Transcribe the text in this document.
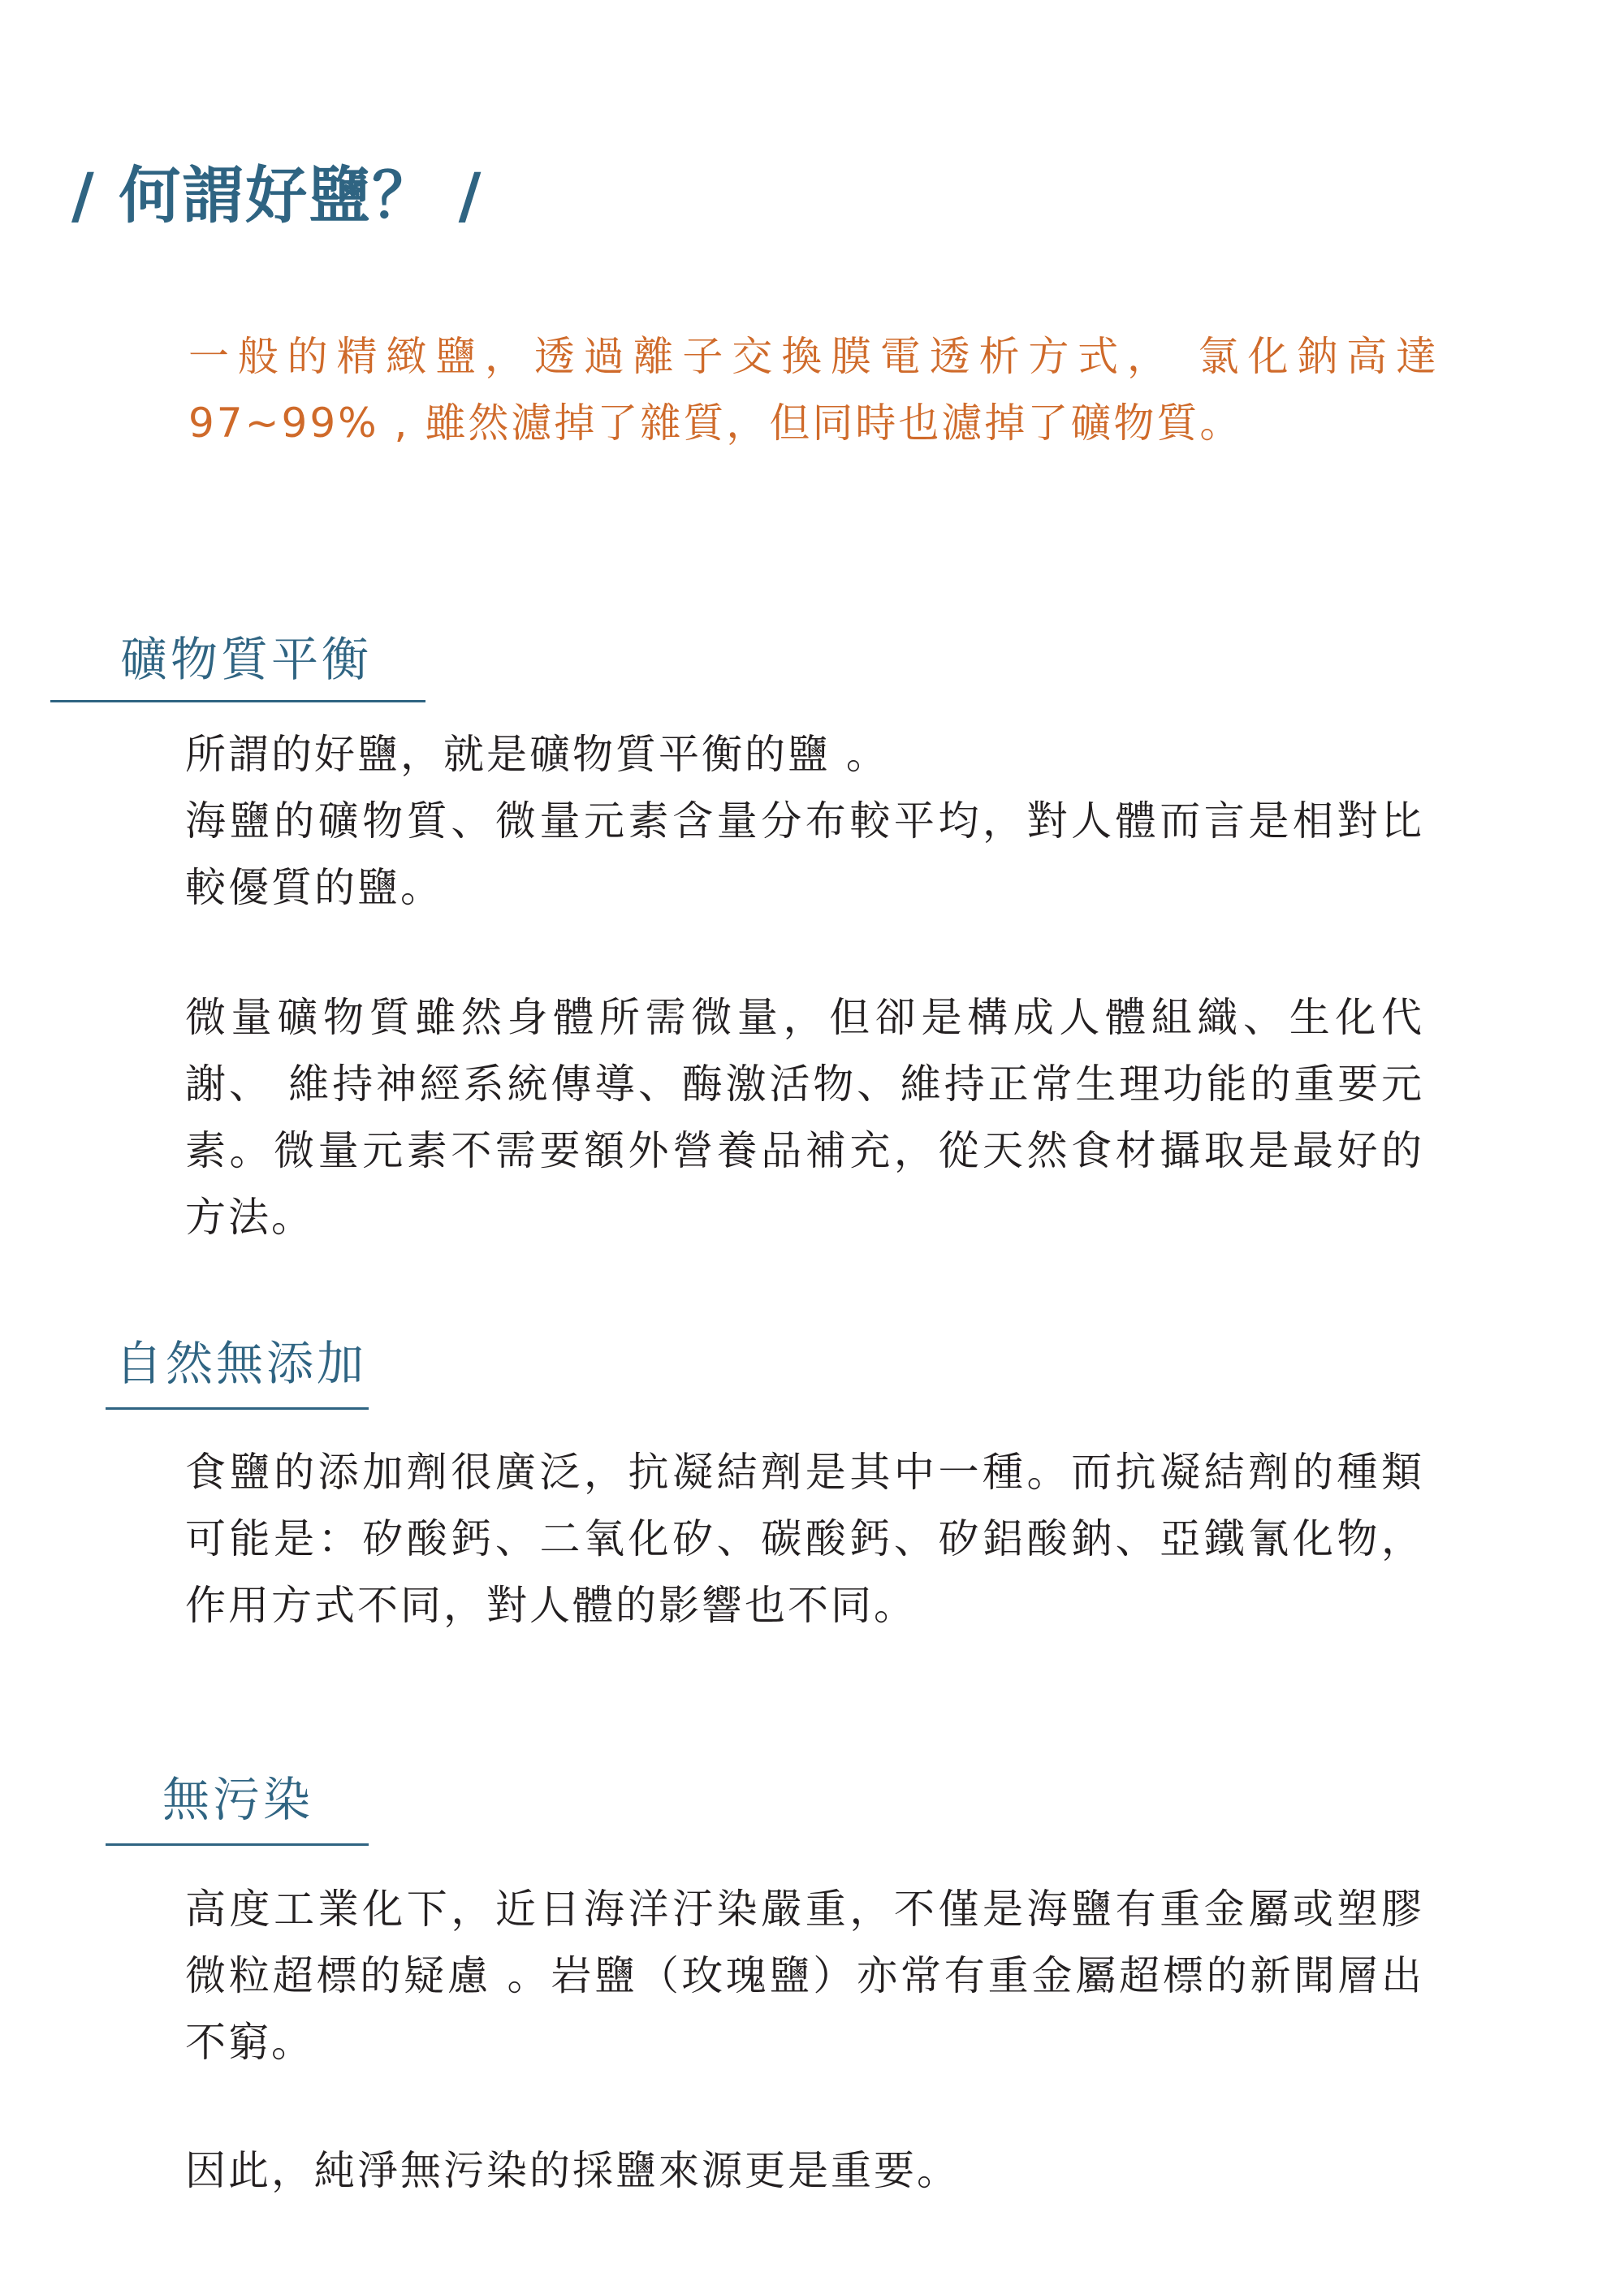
/ 何謂好鹽？ /

一般的精緻鹽，透過離子交換膜電透析方式， 氯化鈉高達97~99% , 雖然濾掉了雜質，但同時也濾掉了礦物質。

礦物質平衡

所謂的好鹽，就是礦物質平衡的鹽 。
海鹽的礦物質、微量元素含量分布較平均，對人體而言是相對比較優質的鹽。

微量礦物質雖然身體所需微量，但卻是構成人體組織、生化代謝、 維持神經系統傳導、酶激活物、維持正常生理功能的重要元素。微量元素不需要額外營養品補充，從天然食材攝取是最好的方法。

自然無添加

食鹽的添加劑很廣泛，抗凝結劑是其中一種。而抗凝結劑的種類可能是：矽酸鈣、二氧化矽、碳酸鈣、矽鋁酸鈉、亞鐵氰化物，作用方式不同，對人體的影響也不同。

無污染

高度工業化下，近日海洋汙染嚴重，不僅是海鹽有重金屬或塑膠微粒超標的疑慮 。岩鹽（玫瑰鹽）亦常有重金屬超標的新聞層出不窮。

因此，純淨無污染的採鹽來源更是重要。
